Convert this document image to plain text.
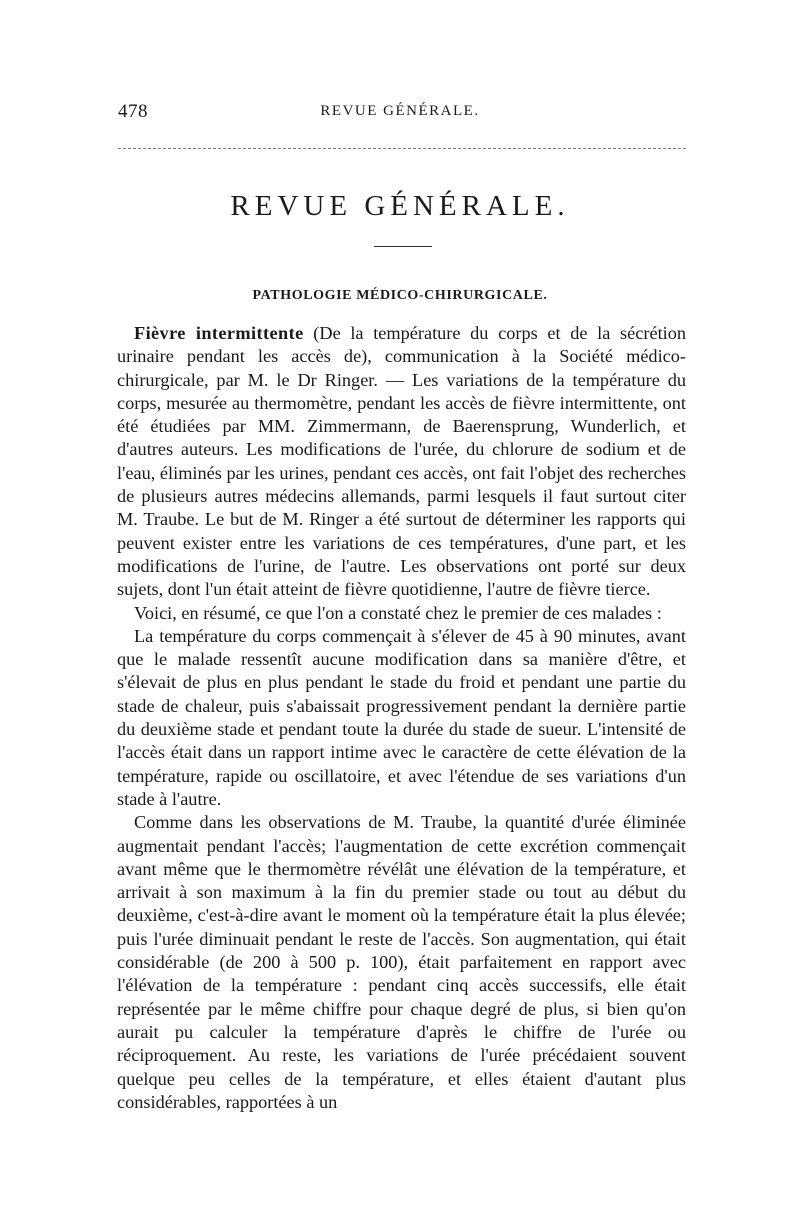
478	REVUE GÉNÉRALE.
REVUE GÉNÉRALE.
PATHOLOGIE MÉDICO-CHIRURGICALE.

Fièvre intermittente (De la température du corps et de la sécrétion urinaire pendant les accès de), communication à la Société médico-chirurgicale, par M. le Dr Ringer. — Les variations de la température du corps, mesurée au thermomètre, pendant les accès de fièvre intermittente, ont été étudiées par MM. Zimmermann, de Baerensprung, Wunderlich, et d'autres auteurs. Les modifications de l'urée, du chlorure de sodium et de l'eau, éliminés par les urines, pendant ces accès, ont fait l'objet des recherches de plusieurs autres médecins allemands, parmi lesquels il faut surtout citer M. Traube. Le but de M. Ringer a été surtout de déterminer les rapports qui peuvent exister entre les variations de ces températures, d'une part, et les modifications de l'urine, de l'autre. Les observations ont porté sur deux sujets, dont l'un était atteint de fièvre quotidienne, l'autre de fièvre tierce.

Voici, en résumé, ce que l'on a constaté chez le premier de ces malades :

La température du corps commençait à s'élever de 45 à 90 minutes, avant que le malade ressentît aucune modification dans sa manière d'être, et s'élevait de plus en plus pendant le stade du froid et pendant une partie du stade de chaleur, puis s'abaissait progressivement pendant la dernière partie du deuxième stade et pendant toute la durée du stade de sueur. L'intensité de l'accès était dans un rapport intime avec le caractère de cette élévation de la température, rapide ou oscillatoire, et avec l'étendue de ses variations d'un stade à l'autre.

Comme dans les observations de M. Traube, la quantité d'urée éliminée augmentait pendant l'accès; l'augmentation de cette excrétion commençait avant même que le thermomètre révélât une élévation de la température, et arrivait à son maximum à la fin du premier stade ou tout au début du deuxième, c'est-à-dire avant le moment où la température était la plus élevée; puis l'urée diminuait pendant le reste de l'accès. Son augmentation, qui était considérable (de 200 à 500 p. 100), était parfaitement en rapport avec l'élévation de la température : pendant cinq accès successifs, elle était représentée par le même chiffre pour chaque degré de plus, si bien qu'on aurait pu calculer la température d'après le chiffre de l'urée ou réciproquement. Au reste, les variations de l'urée précédaient souvent quelque peu celles de la température, et elles étaient d'autant plus considérables, rapportées à un
